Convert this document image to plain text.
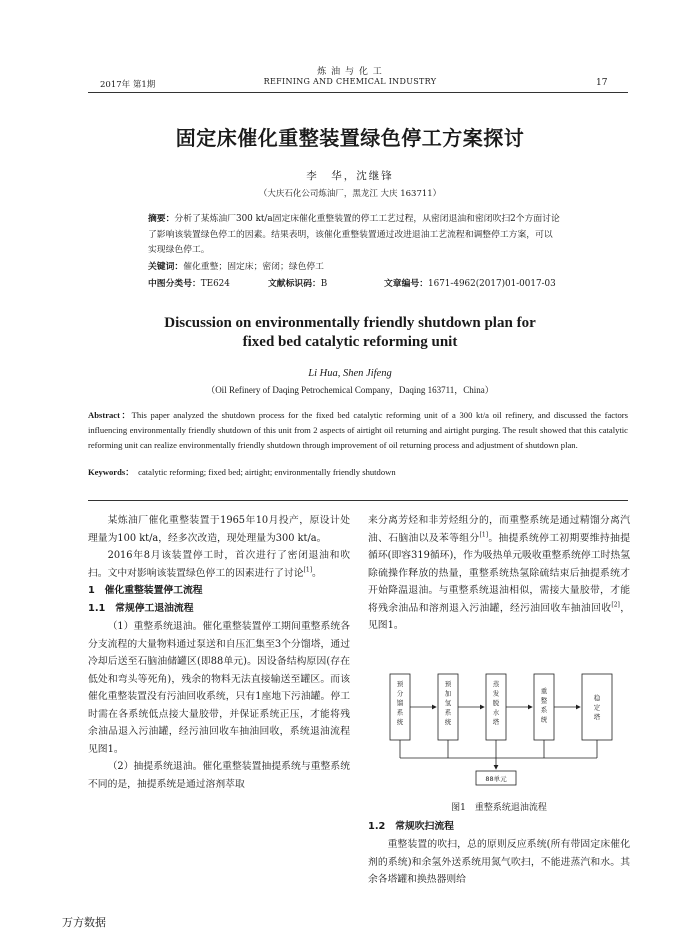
炼 油 与 化 工
REFINING AND CHEMICAL INDUSTRY
2017年 第1期	17
固定床催化重整装置绿色停工方案探讨
李　华，沈继锋
（大庆石化公司炼油厂，黑龙江 大庆 163711）
摘要：分析了某炼油厂300 kt/a固定床催化重整装置的停工工艺过程，从密闭退油和密闭吹扫2个方面讨论了影响该装置绿色停工的因素。结果表明，该催化重整装置通过改进退油工艺流程和调整停工方案，可以实现绿色停工。
关键词：催化重整；固定床；密闭；绿色停工
中图分类号：TE624	文献标识码：B	文章编号：1671-4962(2017)01-0017-03
Discussion on environmentally friendly shutdown plan for
fixed bed catalytic reforming unit
Li Hua, Shen Jifeng
（Oil Refinery of Daqing Petrochemical Company，Daqing 163711，China）
Abstract：This paper analyzed the shutdown process for the fixed bed catalytic reforming unit of a 300 kt/a oil refinery, and discussed the factors influencing environmentally friendly shutdown of this unit from 2 aspects of airtight oil returning and airtight purging. The result showed that this catalytic reforming unit can realize environmentally friendly shutdown through improvement of oil returning process and adjustment of shutdown plan.
Keywords： catalytic reforming; fixed bed; airtight; environmentally friendly shutdown

某炼油厂催化重整装置于1965年10月投产，原设计处理量为100 kt/a，经多次改造，现处理量为300 kt/a。

2016年8月该装置停工时，首次进行了密闭退油和吹扫。文中对影响该装置绿色停工的因素进行了讨论[1]。

1　催化重整装置停工流程
1.1　常规停工退油流程

（1）重整系统退油。催化重整装置停工期间重整系统各分支流程的大量物料通过泵送和自压汇集至3个分馏塔，通过冷却后送至石脑油储罐区(即88单元)。因设备结构原因(存在低处和弯头等死角)，残余的物料无法直接输送至罐区。而该催化重整装置没有污油回收系统，只有1座地下污油罐。停工时需在各系统低点接大量胶带，并保证系统正压，才能将残余油品退入污油罐，经污油回收车抽油回收，系统退油流程见图1。

（2）抽提系统退油。催化重整装置抽提系统与重整系统不同的是，抽提系统是通过溶剂萃取

来分离芳烃和非芳烃组分的，而重整系统是通过精馏分离汽油、石脑油以及苯等组分[1]。抽提系统停工初期要维持抽提循环(即容319循环)，作为吸热单元吸收重整系统停工时热氢除硫操作释放的热量，重整系统热氢除硫结束后抽提系统才开始降温退油。与重整系统退油相似，需接大量胶带，才能将残余油品和溶剂退入污油罐，经污油回收车抽油回收[2]，见图1。

预分馏系统
预加氢系统
蒸发脱水塔
重整系统
稳定塔
88单元
图1　重整系统退油流程
1.2　常规吹扫流程

重整装置的吹扫，总的原则反应系统(所有带固定床催化剂的系统)和余氢外送系统用氮气吹扫，不能进蒸汽和水。其余各塔罐和换热器则给

万方数据
